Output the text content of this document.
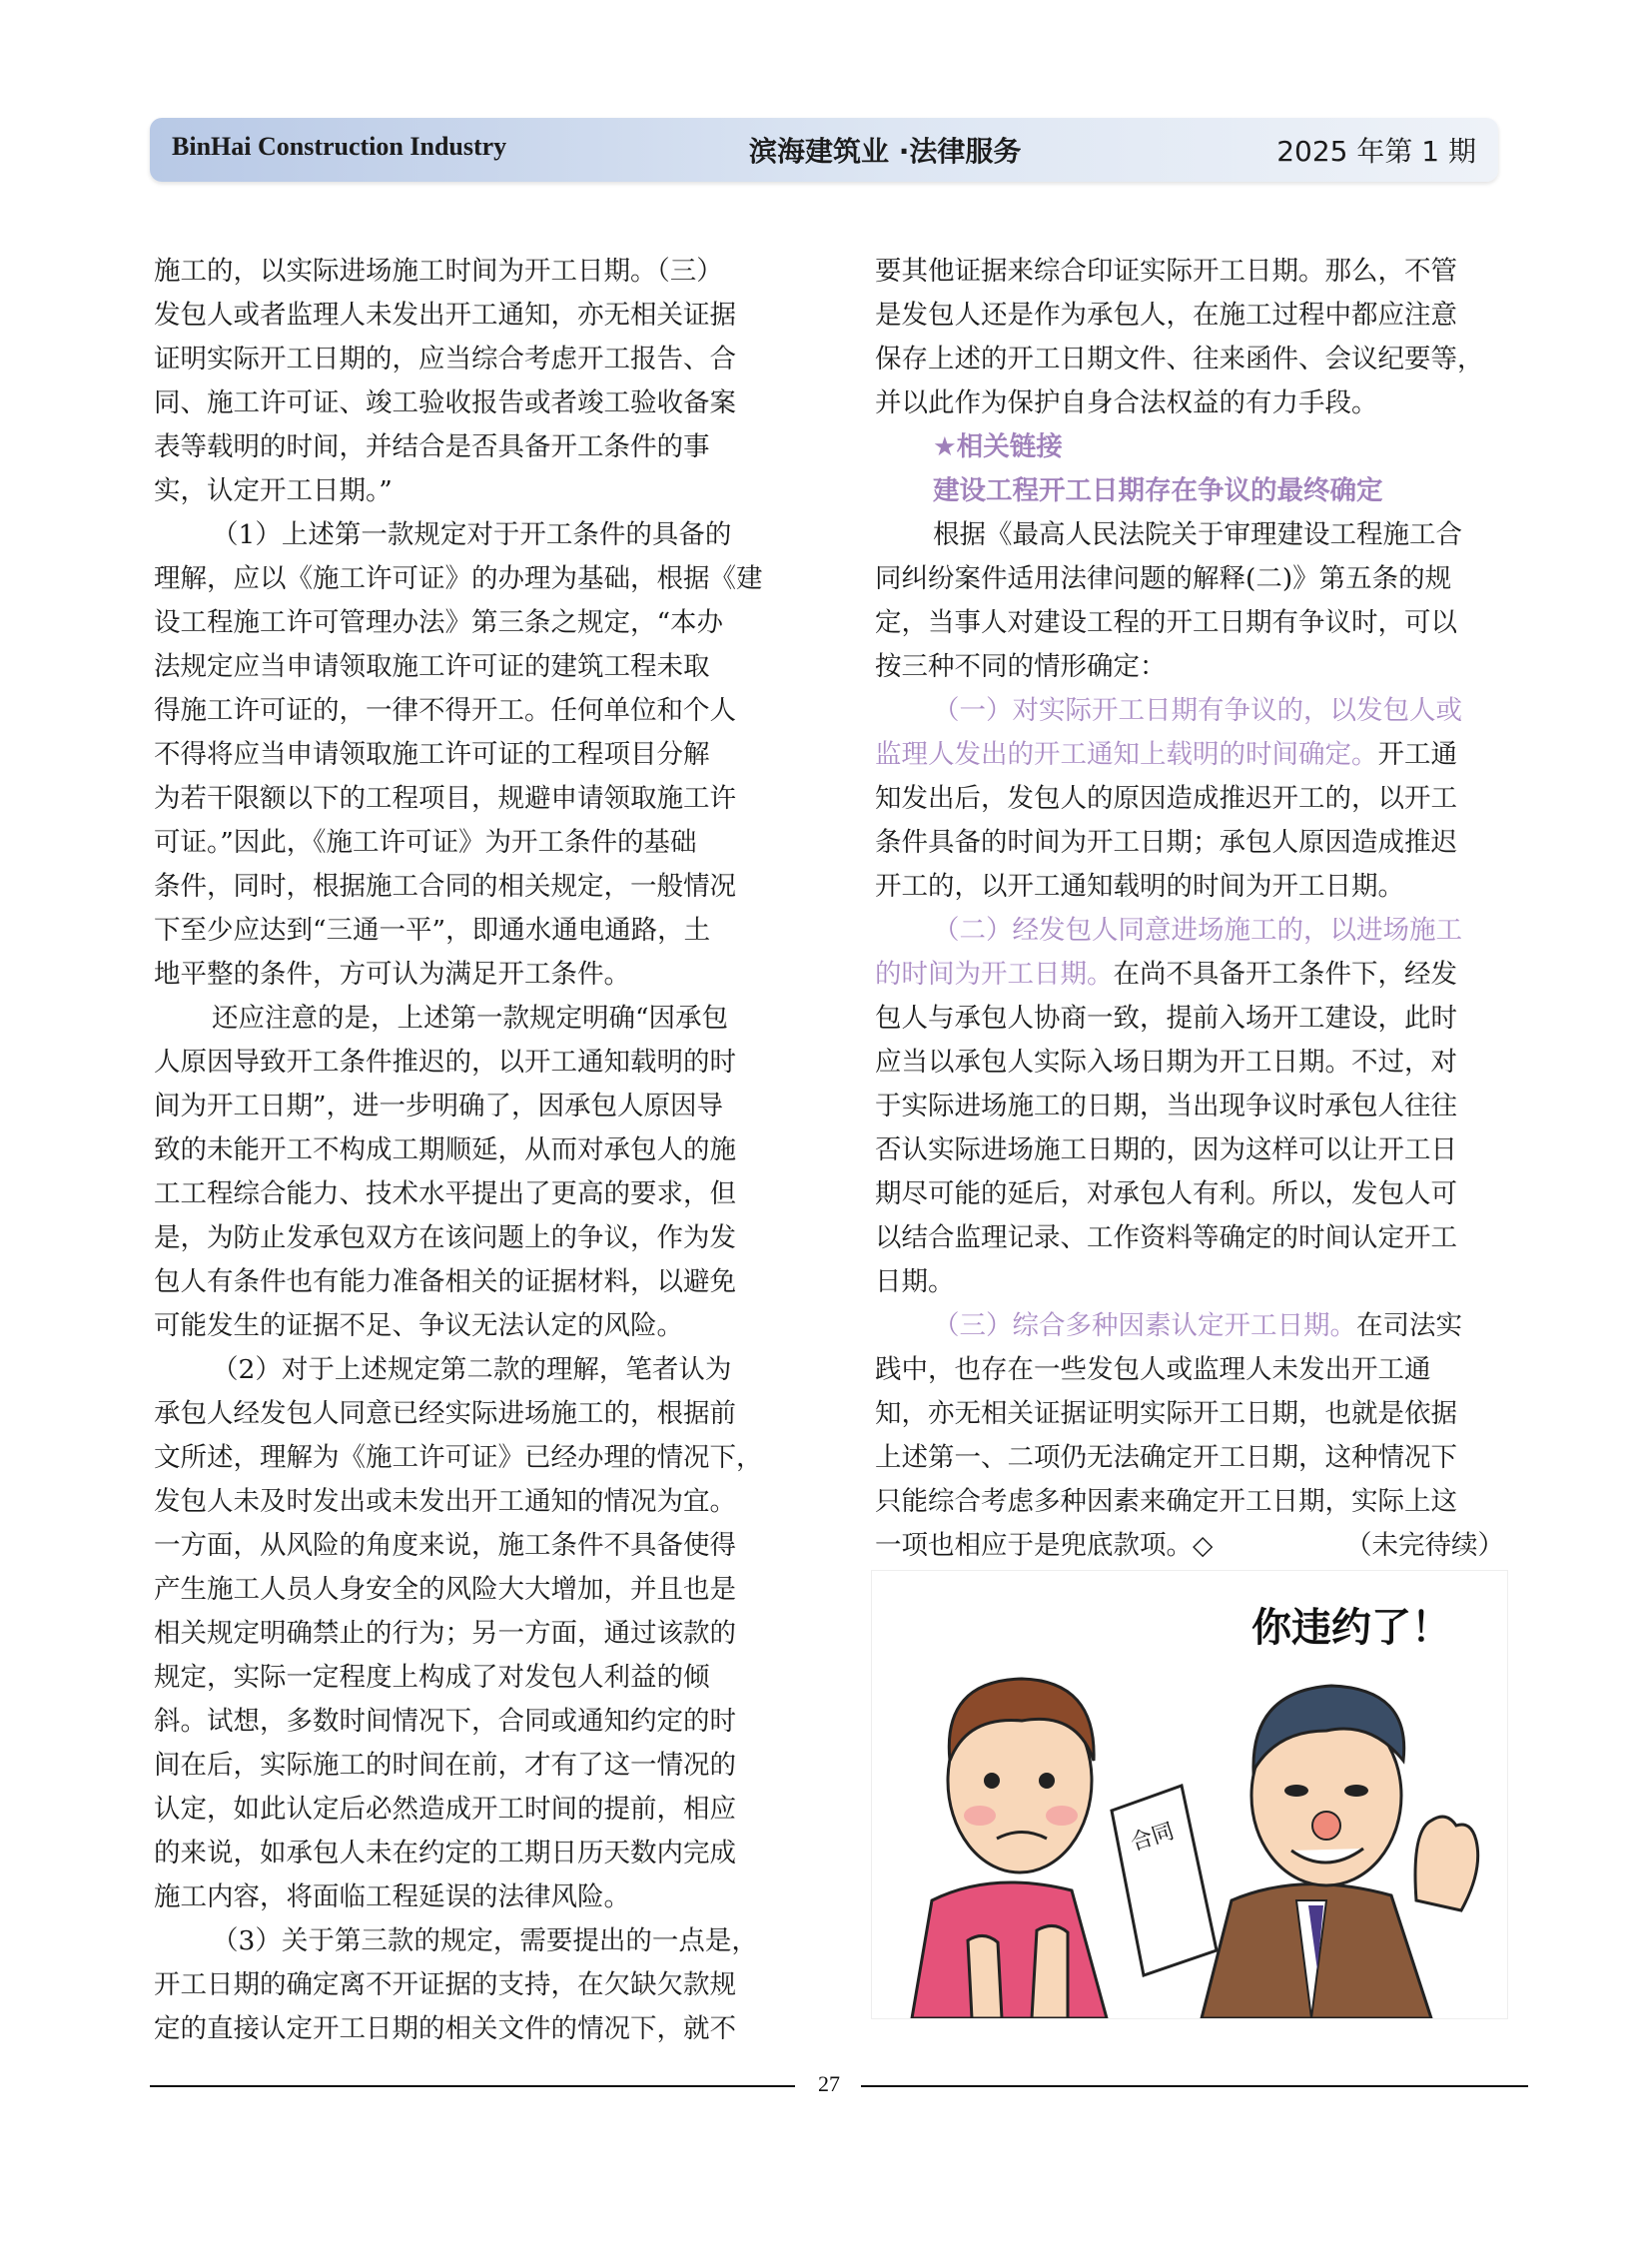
BinHai Construction Industry	滨海建筑业 ·法律服务	2025 年第 1 期

施工的，以实际进场施工时间为开工日期。（三）

发包人或者监理人未发出开工通知，亦无相关证据

证明实际开工日期的，应当综合考虑开工报告、合

同、施工许可证、竣工验收报告或者竣工验收备案

表等载明的时间，并结合是否具备开工条件的事

实，认定开工日期。”

（1）上述第一款规定对于开工条件的具备的

理解，应以《施工许可证》的办理为基础，根据《建

设工程施工许可管理办法》第三条之规定，“本办

法规定应当申请领取施工许可证的建筑工程未取

得施工许可证的，一律不得开工。任何单位和个人

不得将应当申请领取施工许可证的工程项目分解

为若干限额以下的工程项目，规避申请领取施工许

可证。”因此，《施工许可证》为开工条件的基础

条件，同时，根据施工合同的相关规定，一般情况

下至少应达到“三通一平”，即通水通电通路，土

地平整的条件，方可认为满足开工条件。

还应注意的是，上述第一款规定明确“因承包

人原因导致开工条件推迟的，以开工通知载明的时

间为开工日期”，进一步明确了，因承包人原因导

致的未能开工不构成工期顺延，从而对承包人的施

工工程综合能力、技术水平提出了更高的要求，但

是，为防止发承包双方在该问题上的争议，作为发

包人有条件也有能力准备相关的证据材料，以避免

可能发生的证据不足、争议无法认定的风险。

（2）对于上述规定第二款的理解，笔者认为

承包人经发包人同意已经实际进场施工的，根据前

文所述，理解为《施工许可证》已经办理的情况下，

发包人未及时发出或未发出开工通知的情况为宜。

一方面，从风险的角度来说，施工条件不具备使得

产生施工人员人身安全的风险大大增加，并且也是

相关规定明确禁止的行为；另一方面，通过该款的

规定，实际一定程度上构成了对发包人利益的倾

斜。试想，多数时间情况下，合同或通知约定的时

间在后，实际施工的时间在前，才有了这一情况的

认定，如此认定后必然造成开工时间的提前，相应

的来说，如承包人未在约定的工期日历天数内完成

施工内容，将面临工程延误的法律风险。

（3）关于第三款的规定，需要提出的一点是，

开工日期的确定离不开证据的支持，在欠缺欠款规

定的直接认定开工日期的相关文件的情况下，就不

要其他证据来综合印证实际开工日期。那么，不管

是发包人还是作为承包人，在施工过程中都应注意

保存上述的开工日期文件、往来函件、会议纪要等，

并以此作为保护自身合法权益的有力手段。

★相关链接

建设工程开工日期存在争议的最终确定

根据《最高人民法院关于审理建设工程施工合

同纠纷案件适用法律问题的解释(二)》第五条的规

定，当事人对建设工程的开工日期有争议时，可以

按三种不同的情形确定：

（一）对实际开工日期有争议的，以发包人或

监理人发出的开工通知上载明的时间确定。开工通

知发出后，发包人的原因造成推迟开工的，以开工

条件具备的时间为开工日期；承包人原因造成推迟

开工的，以开工通知载明的时间为开工日期。

（二）经发包人同意进场施工的，以进场施工

的时间为开工日期。在尚不具备开工条件下，经发

包人与承包人协商一致，提前入场开工建设，此时

应当以承包人实际入场日期为开工日期。不过，对

于实际进场施工的日期，当出现争议时承包人往往

否认实际进场施工日期的，因为这样可以让开工日

期尽可能的延后，对承包人有利。所以，发包人可

以结合监理记录、工作资料等确定的时间认定开工

日期。

（三）综合多种因素认定开工日期。在司法实

践中，也存在一些发包人或监理人未发出开工通

知，亦无相关证据证明实际开工日期，也就是依据

上述第一、二项仍无法确定开工日期，这种情况下

只能综合考虑多种因素来确定开工日期，实际上这

一项也相应于是兜底款项。◇	（未完待续）

你违约了！
合同
27
